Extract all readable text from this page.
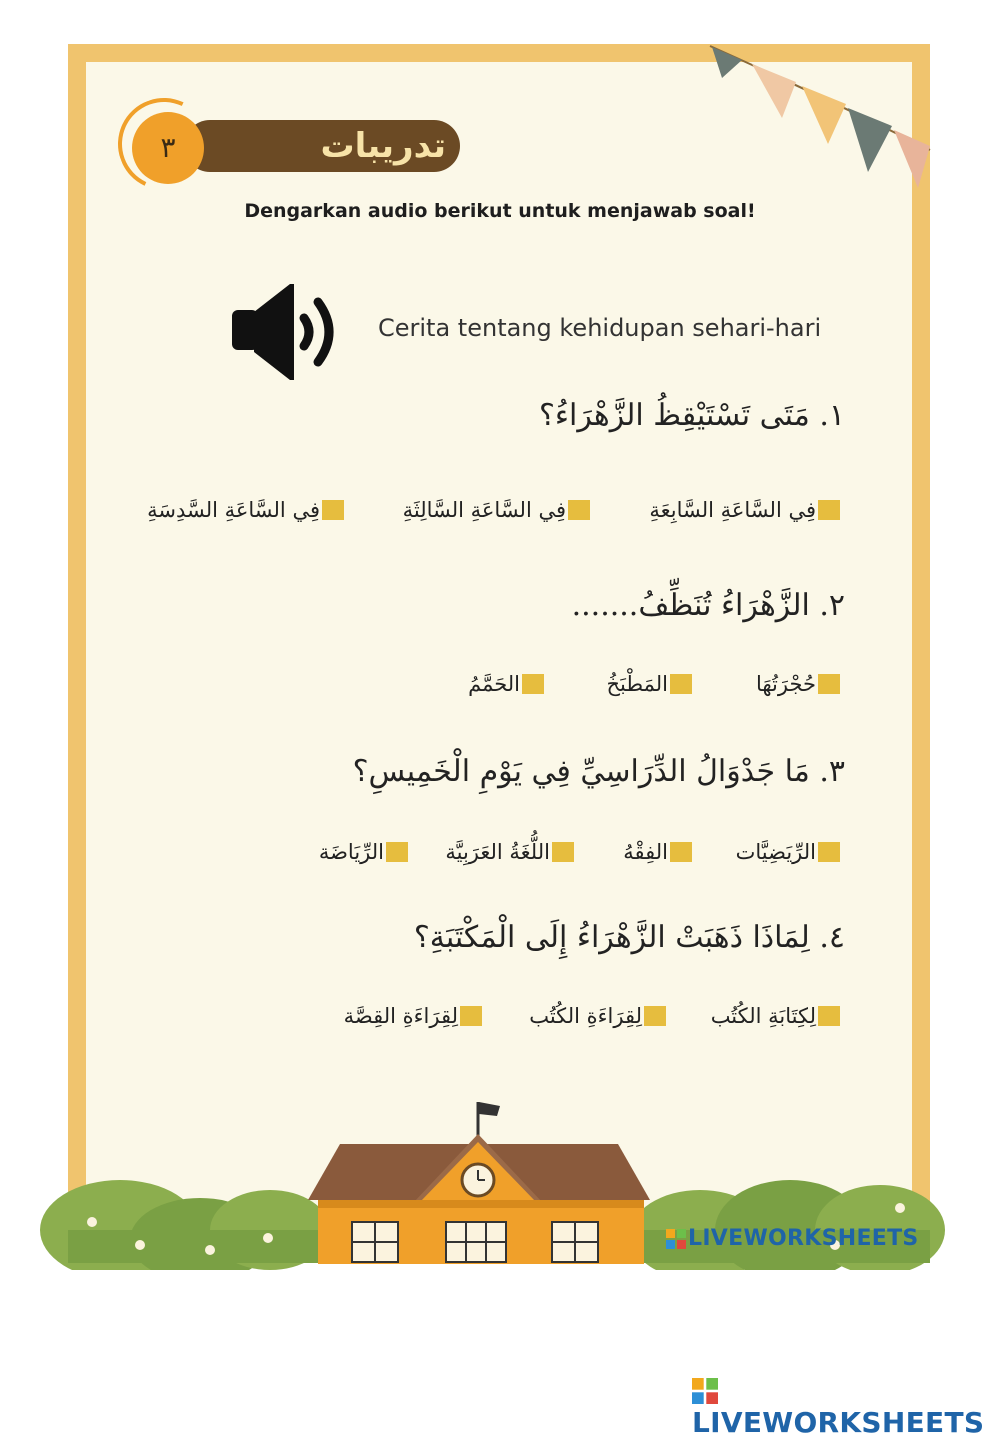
تدريبات
٣
Dengarkan audio berikut untuk menjawab soal!
Cerita tentang kehidupan sehari-hari
١. مَتَى تَسْتَيْقِظُ الزَّهْرَاءُ؟
فِي السَّاعَةِ السَّابِعَةِ
فِي السَّاعَةِ السَّالِثَةِ
فِي السَّاعَةِ السَّدِسَةِ
٢. الزَّهْرَاءُ تُنَظِّفُ.......
حُجْرَتُهَا
المَطْبَخُ
الحَمَّمُ
٣. مَا جَدْوَالُ الدِّرَاسِيِّ فِي يَوْمِ الْخَمِيسِ؟
الرِّيَضِيَّات
الفِقْهُ
اللُّغَةُ العَرَبِيَّة
الرِّيَاضَة
٤. لِمَاذَا ذَهَبَتْ الزَّهْرَاءُ إِلَى الْمَكْتَبَةِ؟
لِكِتَابَةِ الكُتُب
لِقِرَاءَةِ الكُتُب
لِقِرَاءَةِ القِصَّة
LIVEWORKSHEETS
LIVEWORKSHEETS
